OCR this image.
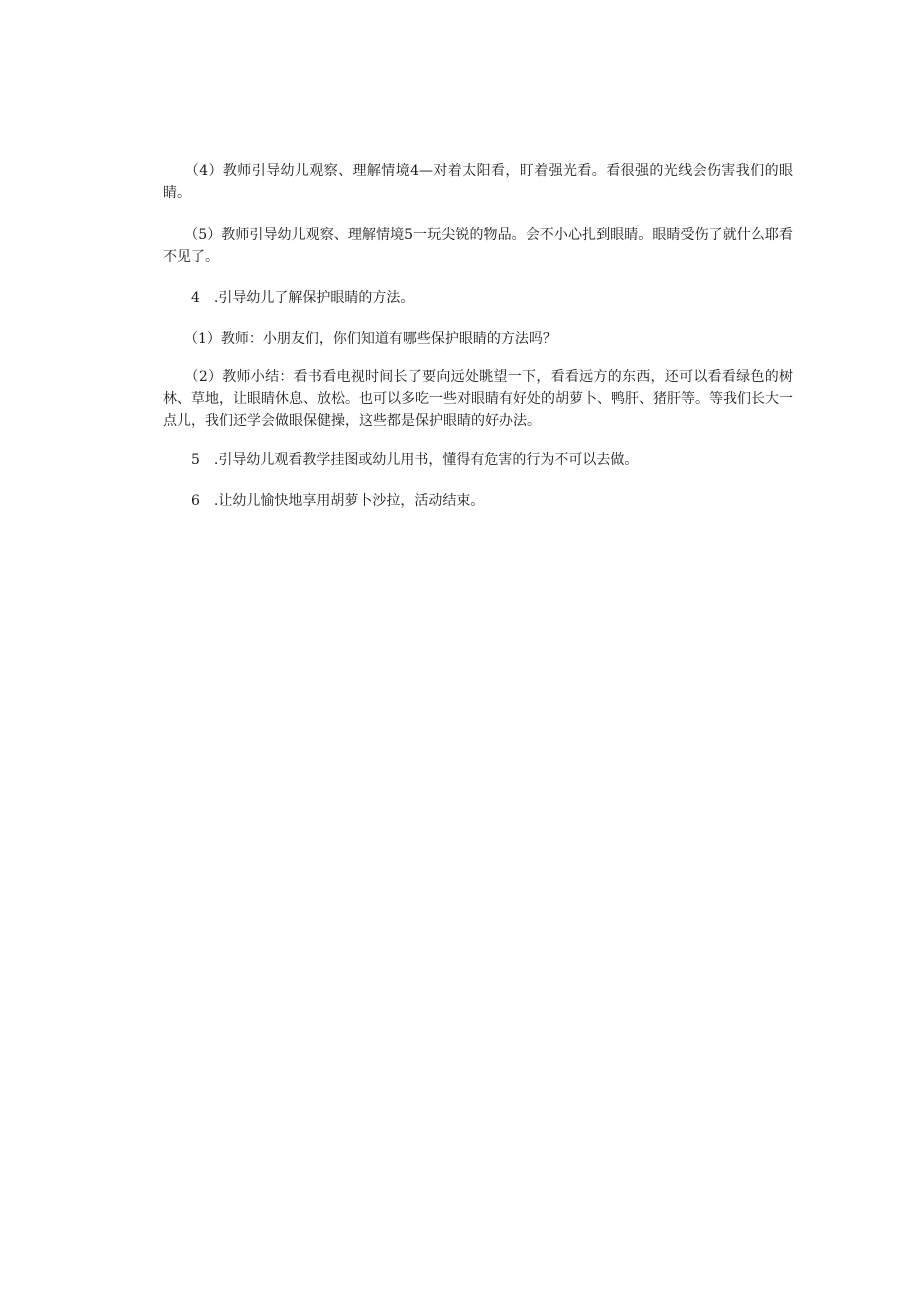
　　（4）教师引导幼儿观察、理解情境4—对着太阳看，盯着强光看。看很强的光线会伤害我们的眼睛。

　　（5）教师引导幼儿观察、理解情境5一玩尖锐的物品。会不小心扎到眼睛。眼睛受伤了就什么耶看不见了。

　　4　.引导幼儿了解保护眼睛的方法。

　　（1）教师：小朋友们，你们知道有哪些保护眼睛的方法吗？

　　（2）教师小结：看书看电视时间长了要向远处眺望一下，看看远方的东西，还可以看看绿色的树林、草地，让眼睛休息、放松。也可以多吃一些对眼睛有好处的胡萝卜、鸭肝、猪肝等。等我们长大一点儿，我们还学会做眼保健操，这些都是保护眼睛的好办法。

　　5　.引导幼儿观看教学挂图或幼儿用书，懂得有危害的行为不可以去做。

　　6　.让幼儿愉快地享用胡萝卜沙拉，活动结束。
